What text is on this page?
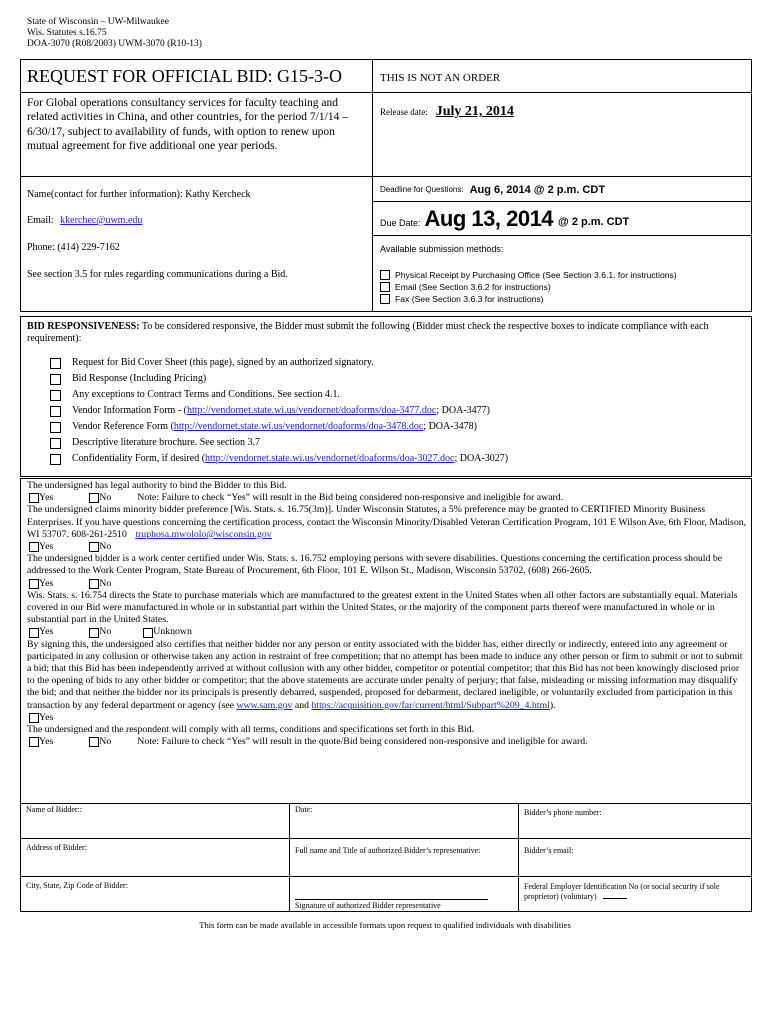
State of Wisconsin – UW-Milwaukee
Wis. Statutes s.16.75
DOA-3070 (R08/2003) UWM-3070 (R10-13)
REQUEST FOR OFFICIAL BID: G15-3-O	THIS IS NOT AN ORDER
For Global operations consultancy services for faculty teaching and related activities in China, and other countries, for the period 7/1/14 – 6/30/17, subject to availability of funds, with option to renew upon mutual agreement for five additional one year periods.
Release date: July 21, 2014
Name(contact for further information): Kathy Kercheck
Email: kkerchec@uwm.edu
Phone: (414) 229-7162
See section 3.5 for rules regarding communications during a Bid.
Deadline for Questions: Aug 6, 2014 @ 2 p.m. CDT
Due Date: Aug 13, 2014 @ 2 p.m. CDT
Available submission methods:
Physical Receipt by Purchasing Office (See Section 3.6.1. for instructions)
Email (See Section 3.6.2 for instructions)
Fax (See Section 3.6.3 for instructions)
BID RESPONSIVENESS: To be considered responsive, the Bidder must submit the following (Bidder must check the respective boxes to indicate compliance with each requirement):
Request for Bid Cover Sheet (this page), signed by an authorized signatory.
Bid Response (Including Pricing)
Any exceptions to Contract Terms and Conditions. See section 4.1.
Vendor Information Form - (http://vendornet.state.wi.us/vendornet/doaforms/doa-3477.doc; DOA-3477)
Vendor Reference Form (http://vendornet.state.wi.us/vendornet/doaforms/doa-3478.doc; DOA-3478)
Descriptive literature brochure. See section 3.7
Confidentiality Form, if desired (http://vendornet.state.wi.us/vendornet/doaforms/doa-3027.doc; DOA-3027)
The undersigned has legal authority to bind the Bidder to this Bid.
Yes	No	Note: Failure to check “Yes” will result in the Bid being considered non-responsive and ineligible for award.
The undersigned claims minority bidder preference [Wis. Stats. s. 16.75(3m)]. Under Wisconsin Statutes, a 5% preference may be granted to CERTIFIED Minority Business Enterprises. If you have questions concerning the certification process, contact the Wisconsin Minority/Disabled Veteran Certification Program, 101 E Wilson Ave, 6th Floor, Madison, WI 53707. 608-261-2510 truphosa.mwololo@wisconsin.gov
Yes	No
The undersigned bidder is a work center certified under Wis. Stats. s. 16.752 employing persons with severe disabilities. Questions concerning the certification process should be addressed to the Work Center Program, State Bureau of Procurement, 6th Floor, 101 E. Wilson St., Madison, Wisconsin 53702, (608) 266-2605.
Yes	No
Wis. Stats. s. 16.754 directs the State to purchase materials which are manufactured to the greatest extent in the United States when all other factors are substantially equal. Materials covered in our Bid were manufactured in whole or in substantial part within the United States, or the majority of the component parts thereof were manufactured in whole or in substantial part in the United States.
Yes	No	Unknown
By signing this, the undersigned also certifies that neither bidder nor any person or entity associated with the bidder has, either directly or indirectly, entered into any agreement or participated in any collusion or otherwise taken any action in restraint of free competition; that no attempt has been made to induce any other person or firm to submit or not to submit a bid; that this Bid has been independently arrived at without collusion with any other bidder, competitor or potential competitor; that this Bid has not been knowingly disclosed prior to the opening of bids to any other bidder or competitor; that the above statements are accurate under penalty of perjury; that false, misleading or missing information may disqualify the bid; and that neither the bidder nor its principals is presently debarred, suspended, proposed for debarment, declared ineligible, or voluntarily excluded from participation in this transaction by any federal department or agency (see www.sam.gov and https://acquisition.gov/far/current/html/Subpart%209_4.html).
Yes
The undersigned and the respondent will comply with all terms, conditions and specifications set forth in this Bid.
Yes	No	Note: Failure to check “Yes” will result in the quote/Bid being considered non-responsive and ineligible for award.
Name of Bidder::	Date:	Bidder’s phone number:
Address of Bidder:	Full name and Title of authorized Bidder’s representative:	Bidder’s email:
City, State, Zip Code of Bidder:
Signature of authorized Bidder representative
Federal Employer Identification No (or social security if sole proprietor) (voluntary)
This form can be made available in accessible formats upon request to qualified individuals with disabilities
